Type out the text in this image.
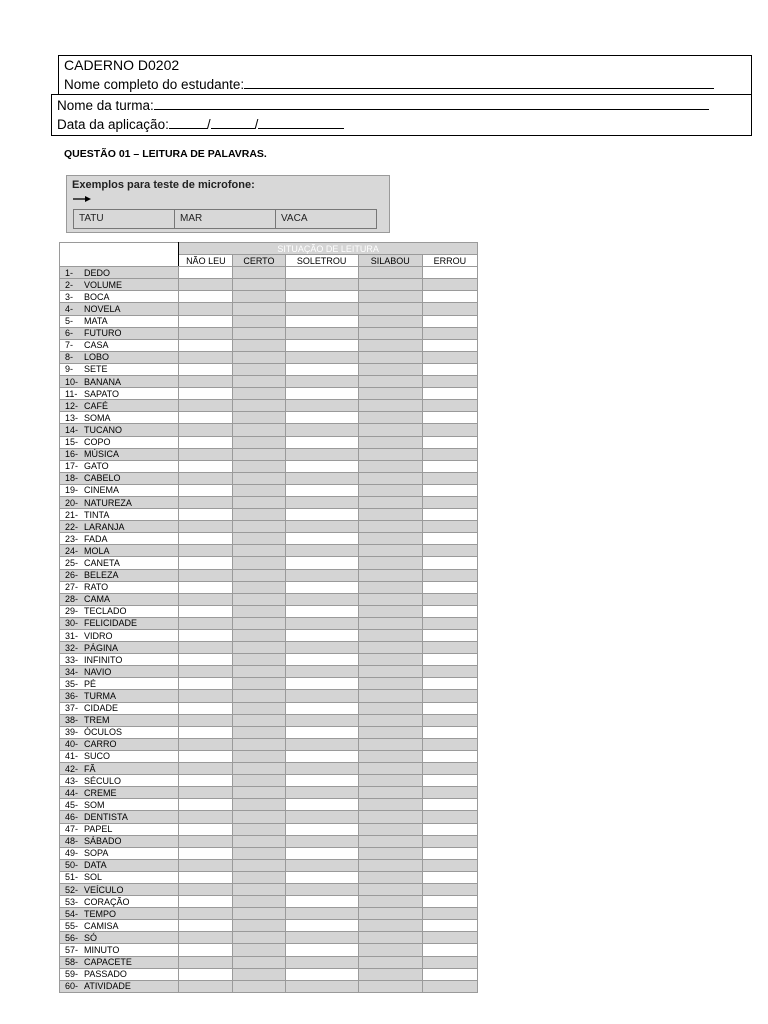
CADERNO D0202
Nome completo do estudante:
Nome da turma:
Data da aplicação:	/	/
QUESTÃO 01 – LEITURA DE PALAVRAS.
Exemplos para teste de microfone:
TATU	MAR	VACA
	SITUAÇÃO DE LEITURA				
	NÃO LEU	CERTO	SOLETROU	SILABOU	ERROU
1- DEDO					
2- VOLUME					
3- BOCA					
4- NOVELA					
5- MATA					
6- FUTURO					
7- CASA					
8- LOBO					
9- SETE					
10- BANANA					
11- SAPATO					
12- CAFÉ					
13- SOMA					
14- TUCANO					
15- COPO					
16- MÚSICA					
17- GATO					
18- CABELO					
19- CINEMA					
20- NATUREZA					
21- TINTA					
22- LARANJA					
23- FADA					
24- MOLA					
25- CANETA					
26- BELEZA					
27- RATO					
28- CAMA					
29- TECLADO					
30- FELICIDADE					
31- VIDRO					
32- PÁGINA					
33- INFINITO					
34- NAVIO					
35- PÉ					
36- TURMA					
37- CIDADE					
38- TREM					
39- ÓCULOS					
40- CARRO					
41- SUCO					
42- FÃ					
43- SÉCULO					
44- CREME					
45- SOM					
46- DENTISTA					
47- PAPEL					
48- SÁBADO					
49- SOPA					
50- DATA					
51- SOL					
52- VEÍCULO					
53- CORAÇÃO					
54- TEMPO					
55- CAMISA					
56- SÓ					
57- MINUTO					
58- CAPACETE					
59- PASSADO					
60- ATIVIDADE					
